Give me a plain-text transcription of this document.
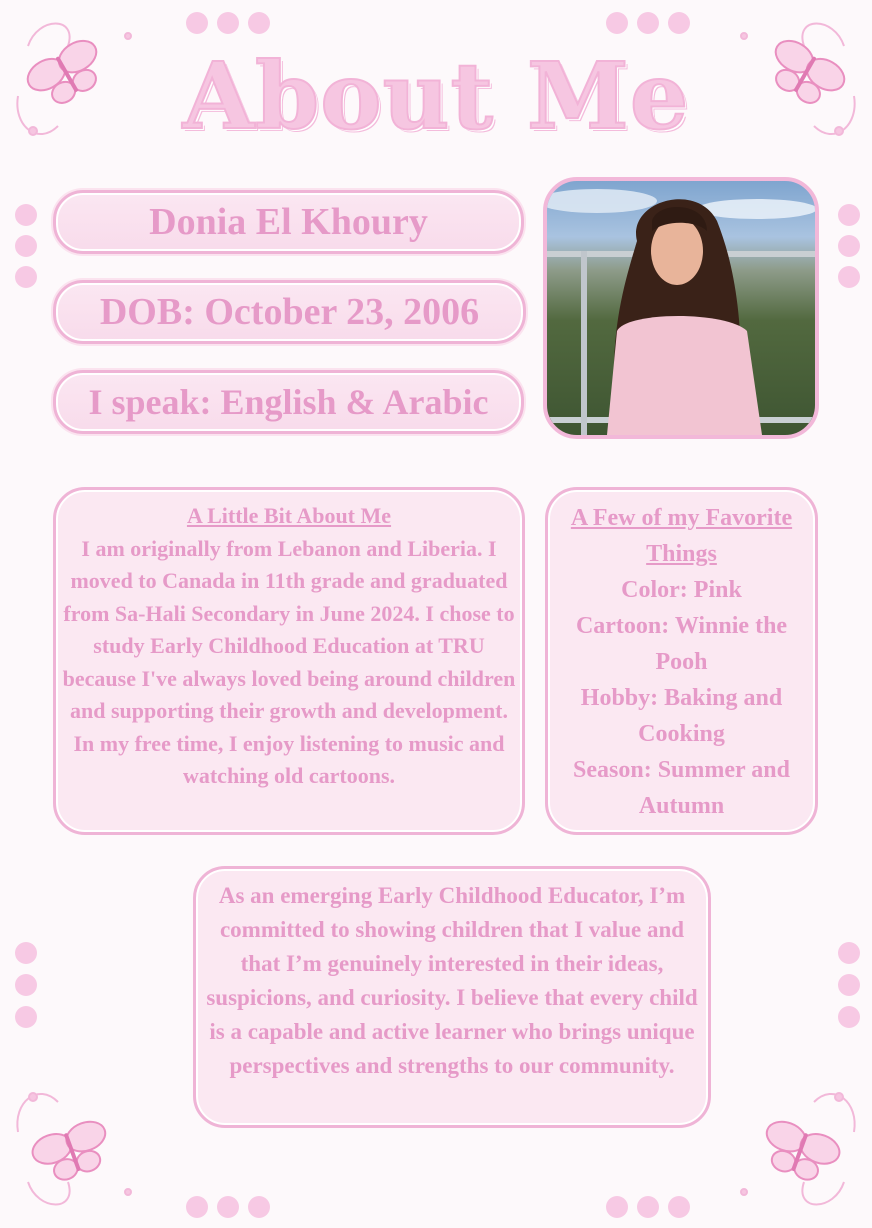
About Me
Donia El Khoury
DOB: October 23, 2006
I speak: English & Arabic

A Little Bit About Me

I am originally from Lebanon and Liberia. I moved to Canada in 11th grade and graduated from Sa-Hali Secondary in June 2024. I chose to study Early Childhood Education at TRU because I've always loved being around children and supporting their growth and development. In my free time, I enjoy listening to music and watching old cartoons.

A Few of my Favorite Things

Color: Pink

Cartoon: Winnie the Pooh

Hobby: Baking and Cooking

Season: Summer and Autumn

As an emerging Early Childhood Educator, I’m committed to showing children that I value and that I’m genuinely interested in their ideas, suspicions, and curiosity. I believe that every child is a capable and active learner who brings unique perspectives and strengths to our community.
